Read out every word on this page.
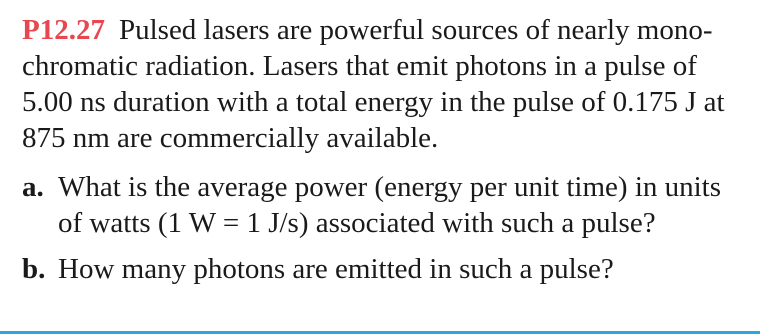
P12.27 Pulsed lasers are powerful sources of nearly mono-
chromatic radiation. Lasers that emit photons in a pulse of
5.00 ns duration with a total energy in the pulse of 0.175 J at
875 nm are commercially available.
a. What is the average power (energy per unit time) in units
of watts (1 W = 1 J/s) associated with such a pulse?
b. How many photons are emitted in such a pulse?
